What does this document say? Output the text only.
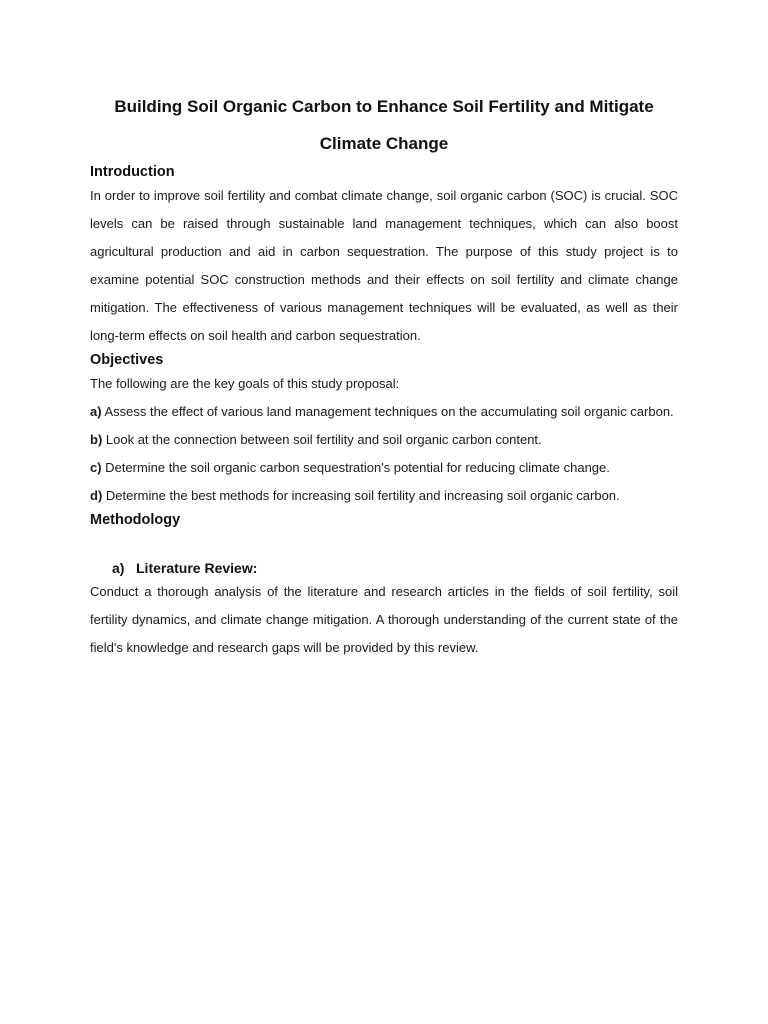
Building Soil Organic Carbon to Enhance Soil Fertility and Mitigate
Climate Change
Introduction

In order to improve soil fertility and combat climate change, soil organic carbon (SOC) is crucial. SOC levels can be raised through sustainable land management techniques, which can also boost agricultural production and aid in carbon sequestration. The purpose of this study project is to examine potential SOC construction methods and their effects on soil fertility and climate change mitigation. The effectiveness of various management techniques will be evaluated, as well as their long-term effects on soil health and carbon sequestration.

Objectives

The following are the key goals of this study proposal:

a) Assess the effect of various land management techniques on the accumulating soil organic carbon.

b) Look at the connection between soil fertility and soil organic carbon content.

c) Determine the soil organic carbon sequestration's potential for reducing climate change.

d) Determine the best methods for increasing soil fertility and increasing soil organic carbon.

Methodology
a) Literature Review:

Conduct a thorough analysis of the literature and research articles in the fields of soil fertility, soil fertility dynamics, and climate change mitigation. A thorough understanding of the current state of the field's knowledge and research gaps will be provided by this review.
